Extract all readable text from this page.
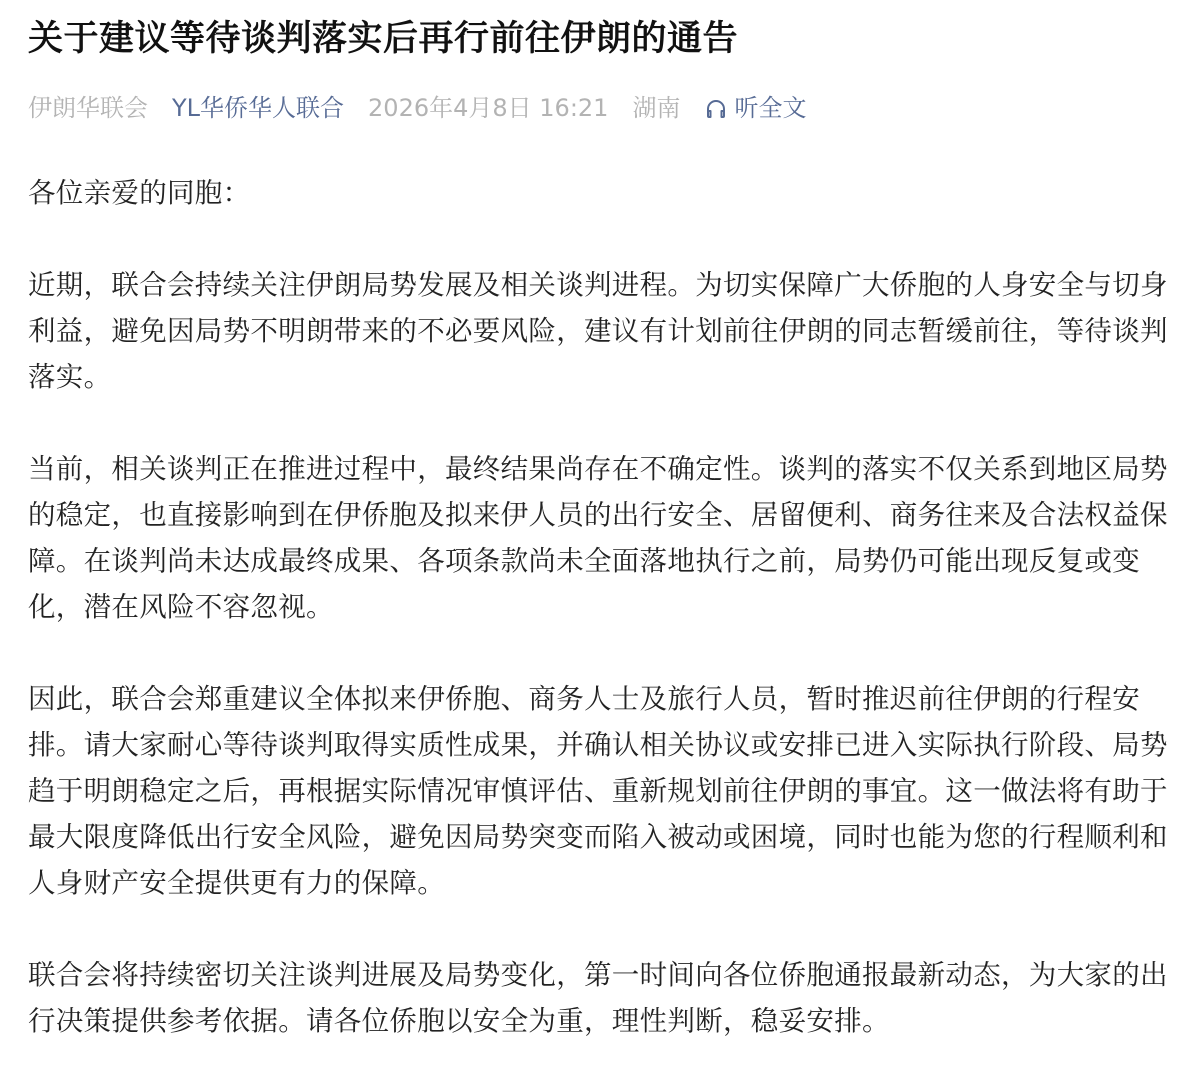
关于建议等待谈判落实后再行前往伊朗的通告
伊朗华联会 YL华侨华人联合 2026年4月8日 16:21 湖南 听全文

各位亲爱的同胞：

近期，联合会持续关注伊朗局势发展及相关谈判进程。为切实保障广大侨胞的人身安全与切身利益，避免因局势不明朗带来的不必要风险，建议有计划前往伊朗的同志暂缓前往，等待谈判落实。

当前，相关谈判正在推进过程中，最终结果尚存在不确定性。谈判的落实不仅关系到地区局势的稳定，也直接影响到在伊侨胞及拟来伊人员的出行安全、居留便利、商务往来及合法权益保障。在谈判尚未达成最终成果、各项条款尚未全面落地执行之前，局势仍可能出现反复或变化，潜在风险不容忽视。

因此，联合会郑重建议全体拟来伊侨胞、商务人士及旅行人员，暂时推迟前往伊朗的行程安排。请大家耐心等待谈判取得实质性成果，并确认相关协议或安排已进入实际执行阶段、局势趋于明朗稳定之后，再根据实际情况审慎评估、重新规划前往伊朗的事宜。这一做法将有助于最大限度降低出行安全风险，避免因局势突变而陷入被动或困境，同时也能为您的行程顺利和人身财产安全提供更有力的保障。

联合会将持续密切关注谈判进展及局势变化，第一时间向各位侨胞通报最新动态，为大家的出行决策提供参考依据。请各位侨胞以安全为重，理性判断，稳妥安排。
